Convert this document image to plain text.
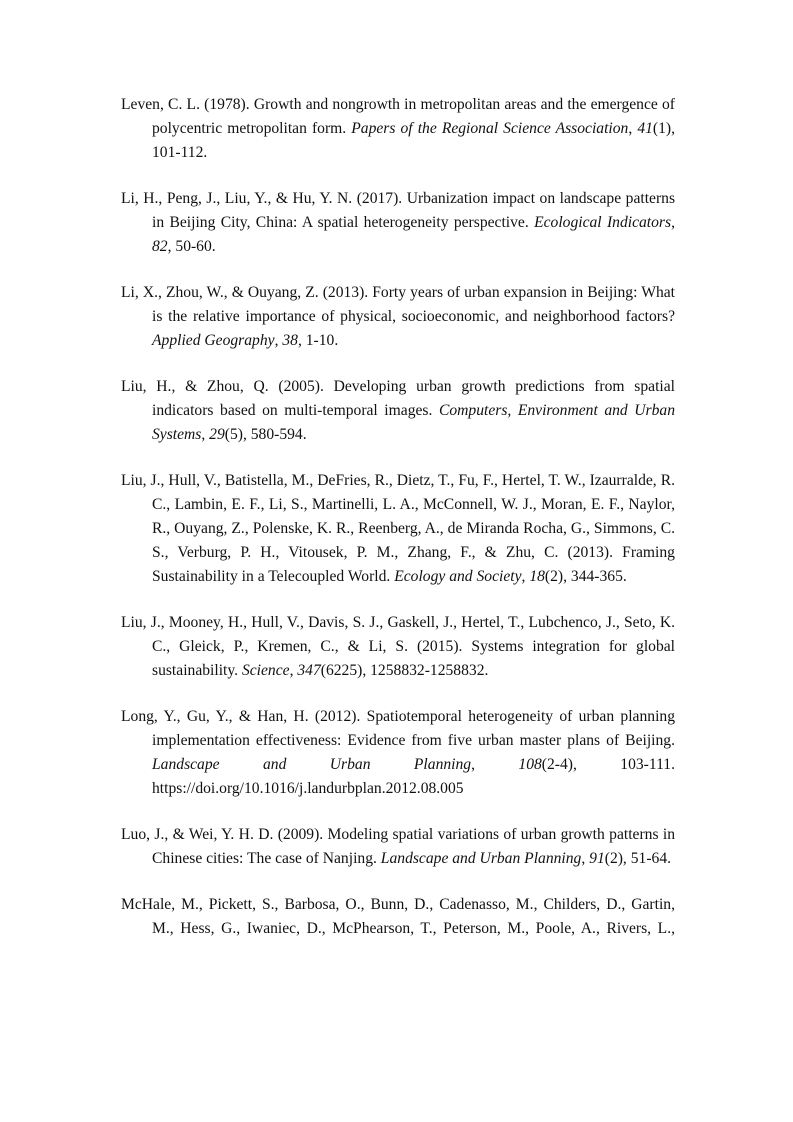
Leven, C. L. (1978). Growth and nongrowth in metropolitan areas and the emergence of polycentric metropolitan form. Papers of the Regional Science Association, 41(1), 101-112.

Li, H., Peng, J., Liu, Y., & Hu, Y. N. (2017). Urbanization impact on landscape patterns in Beijing City, China: A spatial heterogeneity perspective. Ecological Indicators, 82, 50-60.

Li, X., Zhou, W., & Ouyang, Z. (2013). Forty years of urban expansion in Beijing: What is the relative importance of physical, socioeconomic, and neighborhood factors? Applied Geography, 38, 1-10.

Liu, H., & Zhou, Q. (2005). Developing urban growth predictions from spatial indicators based on multi-temporal images. Computers, Environment and Urban Systems, 29(5), 580-594.

Liu, J., Hull, V., Batistella, M., DeFries, R., Dietz, T., Fu, F., Hertel, T. W., Izaurralde, R. C., Lambin, E. F., Li, S., Martinelli, L. A., McConnell, W. J., Moran, E. F., Naylor, R., Ouyang, Z., Polenske, K. R., Reenberg, A., de Miranda Rocha, G., Simmons, C. S., Verburg, P. H., Vitousek, P. M., Zhang, F., & Zhu, C. (2013). Framing Sustainability in a Telecoupled World. Ecology and Society, 18(2), 344-365.

Liu, J., Mooney, H., Hull, V., Davis, S. J., Gaskell, J., Hertel, T., Lubchenco, J., Seto, K. C., Gleick, P., Kremen, C., & Li, S. (2015). Systems integration for global sustainability. Science, 347(6225), 1258832-1258832.

Long, Y., Gu, Y., & Han, H. (2012). Spatiotemporal heterogeneity of urban planning implementation effectiveness: Evidence from five urban master plans of Beijing. Landscape and Urban Planning, 108(2-4), 103-111. https://doi.org/10.1016/j.landurbplan.2012.08.005

Luo, J., & Wei, Y. H. D. (2009). Modeling spatial variations of urban growth patterns in Chinese cities: The case of Nanjing. Landscape and Urban Planning, 91(2), 51-64.

McHale, M., Pickett, S., Barbosa, O., Bunn, D., Cadenasso, M., Childers, D., Gartin, M., Hess, G., Iwaniec, D., McPhearson, T., Peterson, M., Poole, A., Rivers, L.,
